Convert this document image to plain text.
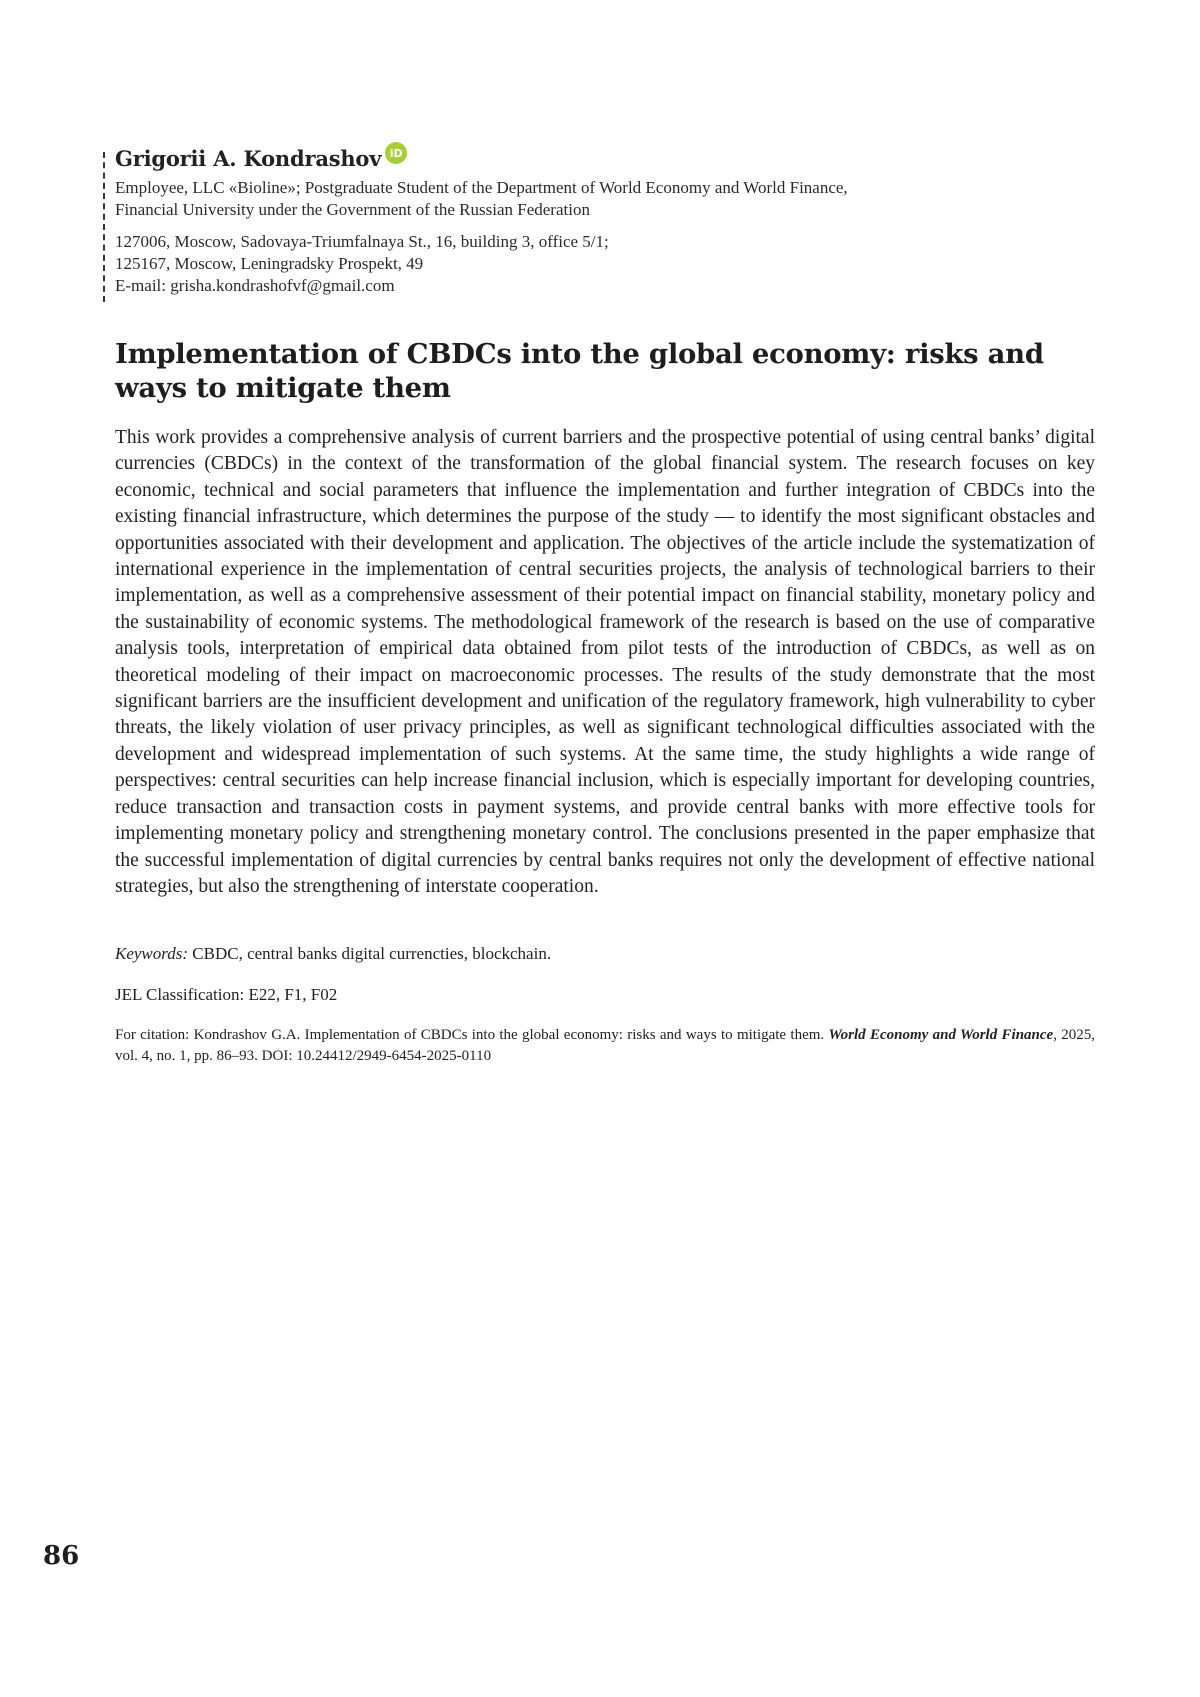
Grigorii A. Kondrashov iD
Employee, LLC «Bioline»; Postgraduate Student of the Department of World Economy and World Finance,
Financial University under the Government of the Russian Federation
127006, Moscow, Sadovaya-Triumfalnaya St., 16, building 3, office 5/1;
125167, Moscow, Leningradsky Prospekt, 49
E-mail: grisha.kondrashofvf@gmail.com
Implementation of CBDCs into the global economy: risks and ways to mitigate them

This work provides a comprehensive analysis of current barriers and the prospective potential of using central banks’ digital currencies (CBDCs) in the context of the transformation of the global financial system. The research focuses on key economic, technical and social parameters that influence the implementation and further integration of CBDCs into the existing financial infrastructure, which determines the purpose of the study — to identify the most significant obstacles and opportunities associated with their development and application. The objectives of the article include the systematization of international experience in the implementation of central securities projects, the analysis of technological barriers to their implementation, as well as a comprehensive assessment of their potential impact on financial stability, monetary policy and the sustainability of economic systems. The methodological framework of the research is based on the use of comparative analysis tools, interpretation of empirical data obtained from pilot tests of the introduction of CBDCs, as well as on theoretical modeling of their impact on macroeconomic processes. The results of the study demonstrate that the most significant barriers are the insufficient development and unification of the regulatory framework, high vulnerability to cyber threats, the likely violation of user privacy principles, as well as significant technological difficulties associated with the development and widespread implementation of such systems. At the same time, the study highlights a wide range of perspectives: central securities can help increase financial inclusion, which is especially important for developing countries, reduce transaction and transaction costs in payment systems, and provide central banks with more effective tools for implementing monetary policy and strengthening monetary control. The conclusions presented in the paper emphasize that the successful implementation of digital currencies by central banks requires not only the development of effective national strategies, but also the strengthening of interstate cooperation.

Keywords: CBDC, central banks digital currencties, blockchain.
JEL Classification: E22, F1, F02
For citation: Kondrashov G.A. Implementation of CBDCs into the global economy: risks and ways to mitigate them. World Economy and World Finance, 2025, vol. 4, no. 1, pp. 86–93. DOI: 10.24412/2949-6454-2025-0110
86
